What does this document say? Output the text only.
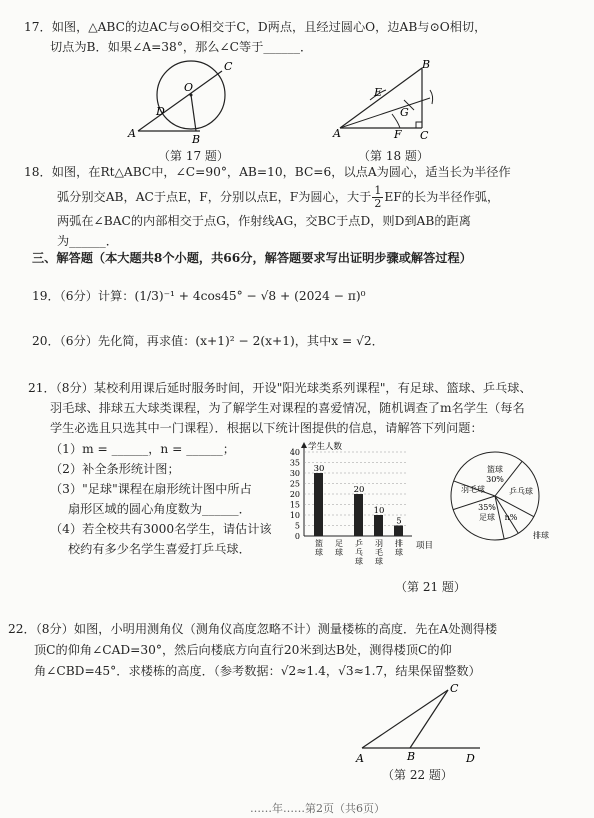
17．如图，△ABC的边AC与⊙O相交于C，D两点，且经过圆心O，边AB与⊙O相切，
切点为B．如果∠A=38°，那么∠C等于______．
A	B
C
D
O
（第 17 题）
A
B
C
E
F
G
（第 18 题）
18．如图，在Rt△ABC中，∠C=90°，AB=10，BC=6，以点A为圆心，适当长为半径作
弧分别交AB，AC于点E，F，分别以点E，F为圆心，大于 $\frac{1}{2}$ EF的长为半径作弧，
两弧在∠BAC的内部相交于点G，作射线AG，交BC于点D，则D到AB的距离
为______．
三、解答题（本大题共8个小题，共66分，解答题要求写出证明步骤或解答过程）
19．（6分）计算：(1/3)⁻¹ + 4cos45° − √8 + (2024 − π)⁰
20．（6分）先化简，再求值：(x+1)² − 2(x+1)，其中x = √2．
21．（8分）某校利用课后延时服务时间，开设"阳光球类系列课程"，有足球、篮球、乒乓球、
羽毛球、排球五大球类课程，为了解学生对课程的喜爱情况，随机调查了m名学生（每名
学生必选且只选其中一门课程）．根据以下统计图提供的信息，请解答下列问题：
（1）m = ______，n = ______；
（2）补全条形统计图；
（3）"足球"课程在扇形统计图中所占
扇形区域的圆心角度数为______．
（4）若全校共有3000名学生，请估计该
校约有多少名学生喜爱打乒乓球．
0
5
10
15
20
25
30
35
40
学生人数
30
篮
球
足
球
20
乒
乓
球
10
羽
毛
球
5
排
球
项目
篮球
30%
乒乓球
足球
35%
n%
排球
羽毛球
（第 21 题）
22．（8分）如图，小明用测角仪（测角仪高度忽略不计）测量楼栋的高度．先在A处测得楼
顶C的仰角∠CAD=30°，然后向楼底方向直行20米到达B处，测得楼顶C的仰
角∠CBD=45°．求楼栋的高度．（参考数据：√2≈1.4，√3≈1.7，结果保留整数）
A	B
C
D
（第 22 题）
……年……第2页（共6页）
